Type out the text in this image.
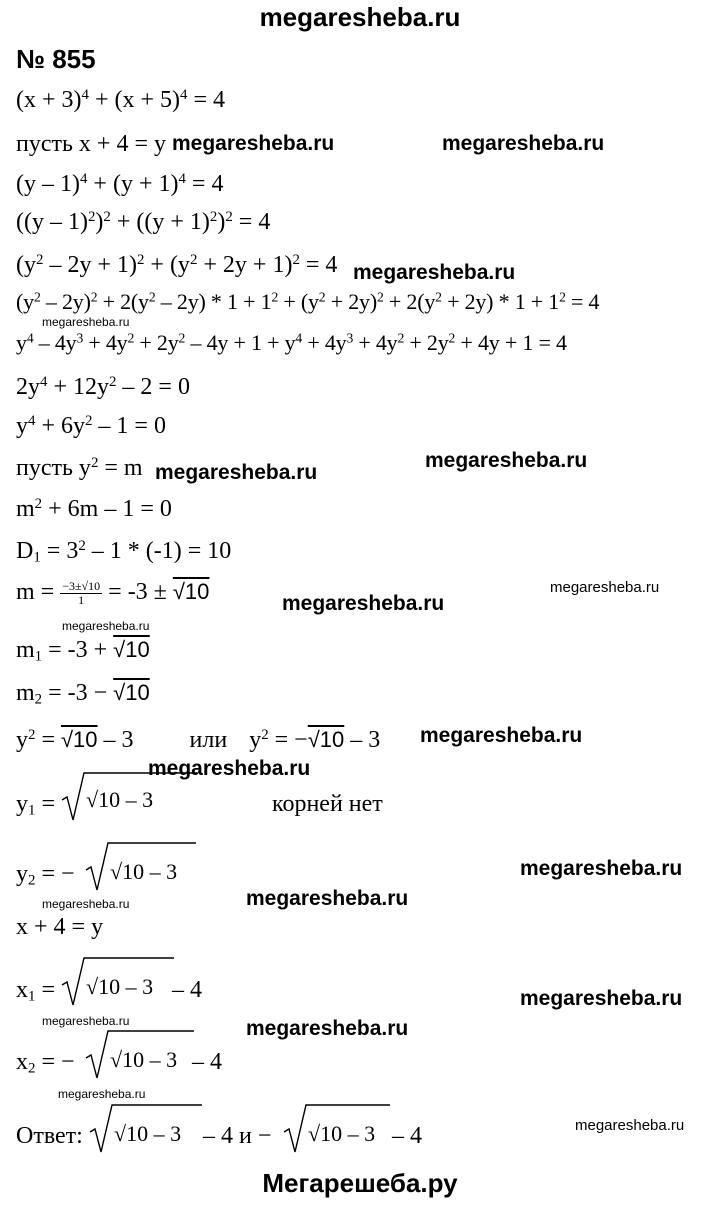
megaresheba.ru
Мегарешеба.ру
№ 855
$(x + 3)^4 + (x + 5)^4 = 4$
пусть x + 4 = y
$(y - 1)^4 + (y + 1)^4 = 4$
$((y - 1)^2)^2 + ((y + 1)^2)^2 = 4$
$(y^2 - 2y + 1)^2 + (y^2 + 2y + 1)^2 = 4$
$(y^2 - 2y)^2 + 2(y^2 - 2y) * 1 + 1^2 + (y^2 + 2y)^2 + 2(y^2 + 2y) * 1 + 1^2 = 4$
$y^4 - 4y^3 + 4y^2 + 2y^2 - 4y + 1 + y^4 + 4y^3 + 4y^2 + 2y^2 + 4y + 1 = 4$
$2y^4 + 12y^2 - 2 = 0$
$y^4 + 6y^2 - 1 = 0$
пусть $y^2 = m$
$m^2 + 6m - 1 = 0$
$D_1 = 3^2 - 1 * (-1) = 10$
$m = \frac{-3\pm√10}{1} = -3 \pm √10$
$m_1 = -3 + √10$
$m_2 = -3 - √10$
$y^2 = √10 - 3$ или $y^2 = -√10 - 3$
$y_1 = √10 - 3$	корней нет
$y_2$ = − √10 – 3
x + 4 = y
$x_1 = √10 - 3 - 4$
$x_2$ = − √10 – 3 – 4
Ответ: √10 – 3 – 4 и − √10 – 3 – 4
megaresheba.ru	megaresheba.ru
megaresheba.ru
megaresheba.ru
megaresheba.ru
megaresheba.ru
megaresheba.ru
megaresheba.ru
megaresheba.ru
megaresheba.ru
megaresheba.ru
megaresheba.ru
megaresheba.ru	megaresheba.ru
megaresheba.ru
megaresheba.ru	megaresheba.ru
megaresheba.ru
megaresheba.ru
